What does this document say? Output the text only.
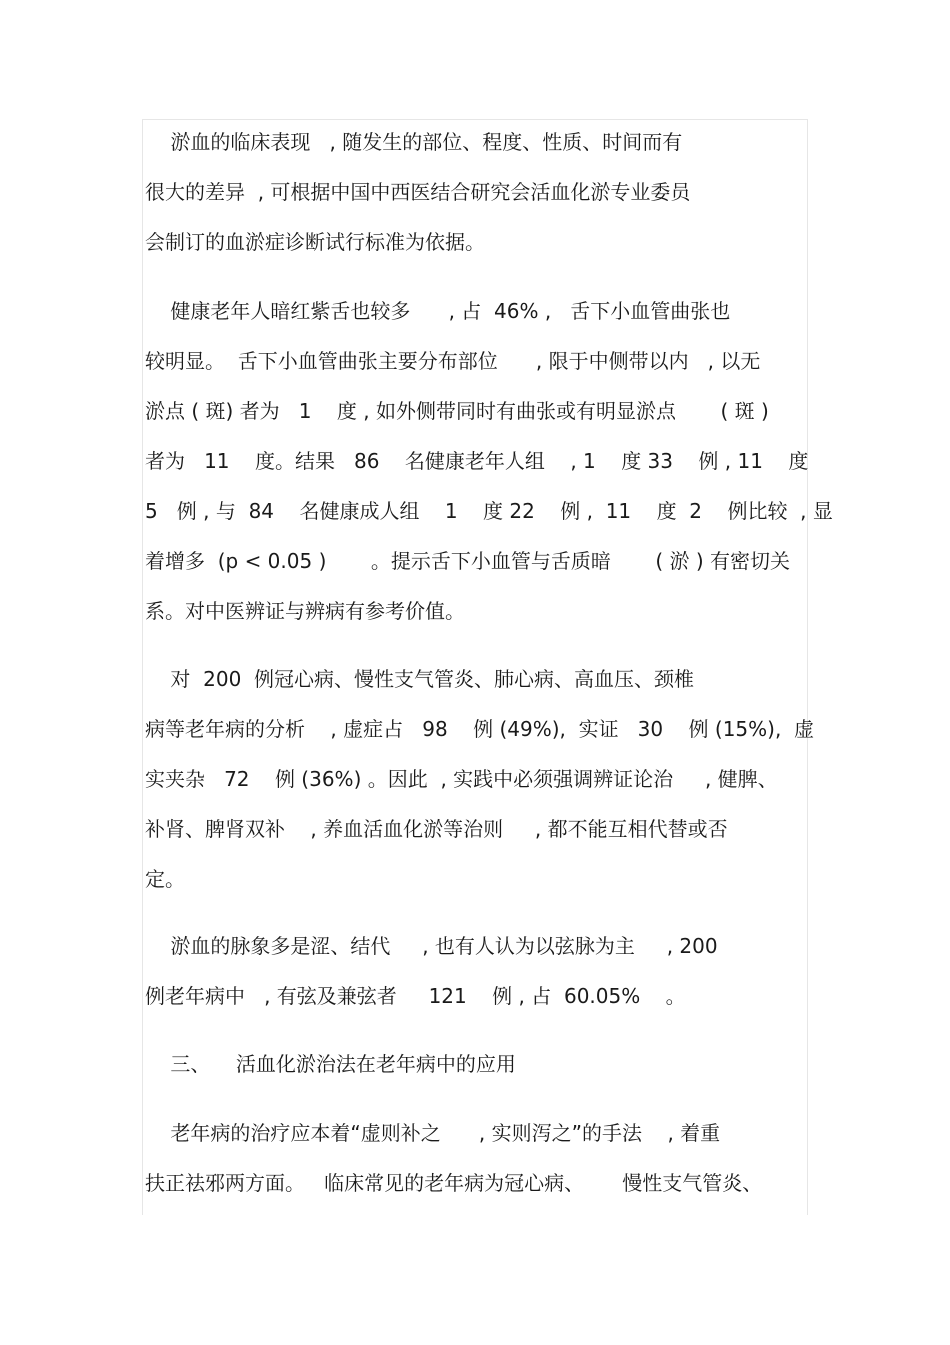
淤血的临床表现   , 随发生的部位、程度、性质、时间而有
很大的差异  , 可根据中国中西医结合研究会活血化淤专业委员
会制订的血淤症诊断试行标准为依据。
健康老年人暗红紫舌也较多      , 占  46% ,   舌下小血管曲张也
较明显。  舌下小血管曲张主要分布部位      , 限于中侧带以内   , 以无
淤点 ( 斑) 者为   1    度 , 如外侧带同时有曲张或有明显淤点       ( 斑 )
者为   11    度。结果   86    名健康老年人组    , 1    度 33    例 , 11    度
5   例 , 与  84    名健康成人组    1    度 22    例 ,  11    度  2    例比较  , 显
着增多  (p < 0.05 )       。提示舌下小血管与舌质暗       ( 淤 ) 有密切关
系。对中医辨证与辨病有参考价值。
对  200  例冠心病、慢性支气管炎、肺心病、高血压、颈椎
病等老年病的分析    , 虚症占   98    例 (49%),  实证   30    例 (15%),  虚
实夹杂   72    例 (36%) 。因此  , 实践中必须强调辨证论治     , 健脾、
补肾、脾肾双补    , 养血活血化淤等治则     , 都不能互相代替或否
定。
淤血的脉象多是涩、结代     , 也有人认为以弦脉为主     , 200
例老年病中   , 有弦及兼弦者     121    例 , 占  60.05%    。
三、    活血化淤治法在老年病中的应用
老年病的治疗应本着“虚则补之      , 实则泻之”的手法    , 着重
扶正祛邪两方面。   临床常见的老年病为冠心病、      慢性支气管炎、
